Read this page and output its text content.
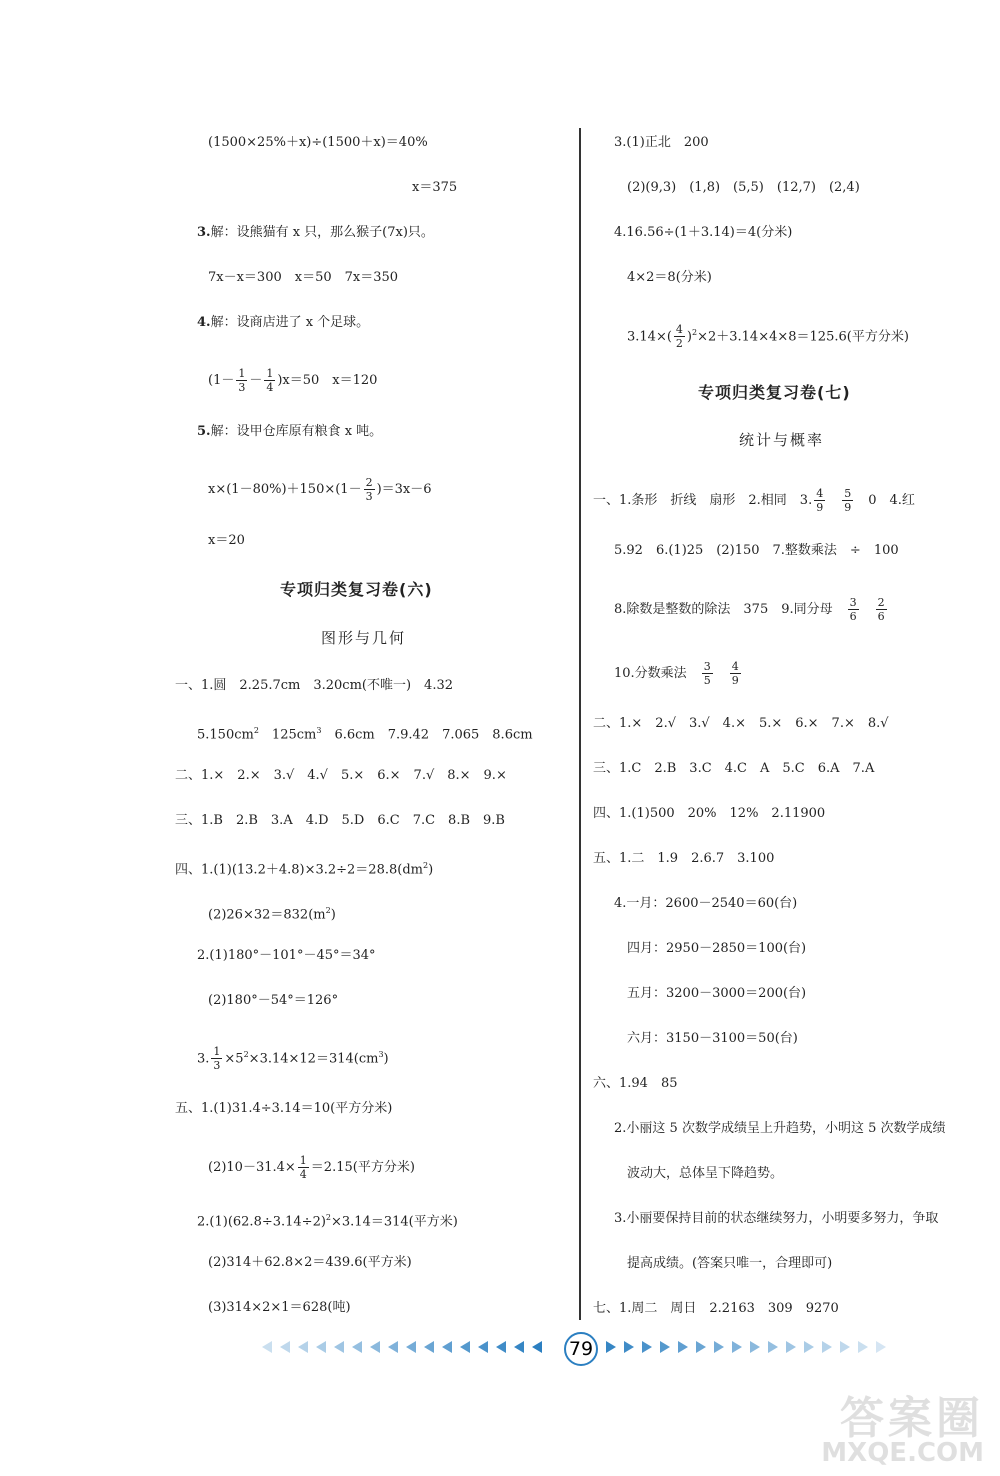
(1500×25%＋x)÷(1500＋x)＝40%
x＝375
3.解：设熊猫有 x 只，那么猴子(7x)只。
7x－x＝300　x＝50　7x＝350
4.解：设商店进了 x 个足球。
$(1- \frac{1}{3} - \frac{1}{4} )x=50$　x＝120
5.解：设甲仓库原有粮食 x 吨。
$x\times(1-80\%)+150\times(1- \frac{2}{3} )=3x-6$
x＝20
专项归类复习卷(六)
图形与几何
一、1.圆　2.25.7cm　3.20cm(不唯一)　4.32
$5.150cm^2$　$125cm^3$　6.6cm　7.9.42　7.065　8.6cm
二、1.×　2.×　3.√　4.√　5.×　6.×　7.√　8.×　9.×
三、1.B　2.B　3.A　4.D　5.D　6.C　7.C　8.B　9.B
四、$1.(1)(13.2+4.8)\times 3.2\div 2=28.8(dm^2)$
$(2)26\times 32=832(m^2)$
2.(1)180°－101°－45°＝34°
(2)180°－54°＝126°
3. $\frac{1}{3} \times 5^2\times 3.14\times 12=314(cm^3)$
五、1.(1)31.4÷3.14＝10(平方分米)
$(2)10-31.4\times \frac{1}{4} =2.15$(平方分米)
$2.(1)(62.8\div 3.14\div 2)^2\times 3.14=314$(平方米)
(2)314＋62.8×2＝439.6(平方米)
(3)314×2×1＝628(吨)
3.(1)正北　200
(2)(9,3)　(1,8)　(5,5)　(12,7)　(2,4)
4.16.56÷(1＋3.14)＝4(分米)
4×2＝8(分米)
$3.14\times( \frac{4}{2} )^2\times 2+3.14\times 4\times 8=125.6$(平方分米)
专项归类复习卷(七)
统计与概率
一、1.条形　折线　扇形　2.相同　3. $\frac{4}{9}$
　 $\frac{5}{9}$
　 0　4.红
5.92　6.(1)25　(2)150　7.整数乘法　÷　100
8.除数是整数的除法　375　9.同分母　 $\frac{3}{6}$
　 $\frac{2}{6}$
10.分数乘法　 $\frac{3}{5}$
　 $\frac{4}{9}$
二、1.×　2.√　3.√　4.×　5.×　6.×　7.×　8.√
三、1.C　2.B　3.C　4.C　A　5.C　6.A　7.A
四、1.(1)500　20%　12%　2.11900
五、1.二　1.9　2.6.7　3.100
4.一月：2600－2540＝60(台)
四月：2950－2850＝100(台)
五月：3200－3000＝200(台)
六月：3150－3100＝50(台)
六、1.94　85
2.小丽这 5 次数学成绩呈上升趋势，小明这 5 次数学成绩
波动大，总体呈下降趋势。
3.小丽要保持目前的状态继续努力，小明要多努力，争取
提高成绩。(答案只唯一，合理即可)
七、1.周二　周日　2.2163　309　9270
79
答案圈
MXQE.COM
